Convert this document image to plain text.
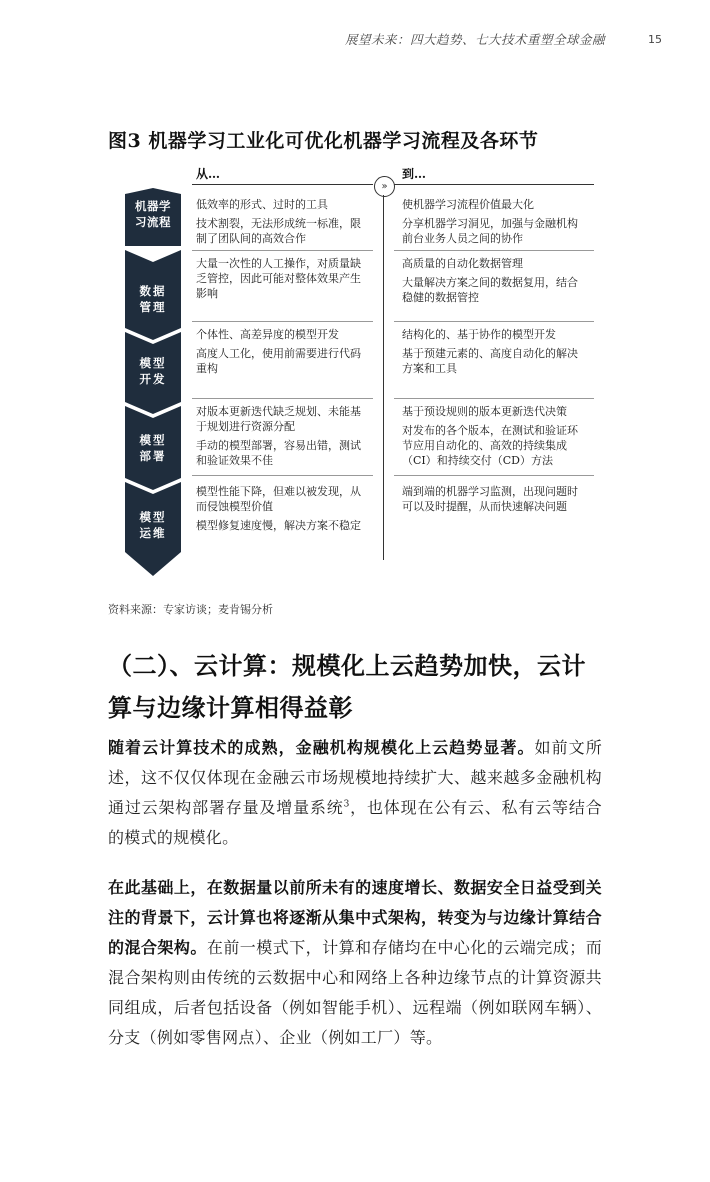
展望未来：四大趋势、七大技术重塑全球金融	15
图3 机器学习工业化可优化机器学习流程及各环节
从…	到…
»
机器学
习流程
数据
管理
模型
开发
模型
部署
模型
运维
低效率的形式、过时的工具
技术割裂，无法形成统一标准，限制了团队间的高效合作
使机器学习流程价值最大化
分享机器学习洞见，加强与金融机构前台业务人员之间的协作
大量一次性的人工操作，对质量缺乏管控，因此可能对整体效果产生影响
高质量的自动化数据管理
大量解决方案之间的数据复用，结合稳健的数据管控
个体性、高差异度的模型开发
高度人工化，使用前需要进行代码重构
结构化的、基于协作的模型开发
基于预建元素的、高度自动化的解决方案和工具
对版本更新迭代缺乏规划、未能基于规划进行资源分配
手动的模型部署，容易出错，测试和验证效果不佳
基于预设规则的版本更新迭代决策
对发布的各个版本，在测试和验证环节应用自动化的、高效的持续集成（CI）和持续交付（CD）方法
模型性能下降，但难以被发现，从而侵蚀模型价值
模型修复速度慢，解决方案不稳定
端到端的机器学习监测，出现问题时可以及时提醒，从而快速解决问题
资料来源：专家访谈；麦肯锡分析
（二）、云计算：规模化上云趋势加快，云计算与边缘计算相得益彰
随着云计算技术的成熟，金融机构规模化上云趋势显著。如前文所述，这不仅仅体现在金融云市场规模地持续扩大、越来越多金融机构通过云架构部署存量及增量系统$^3$，也体现在公有云、私有云等结合的模式的规模化。
在此基础上，在数据量以前所未有的速度增长、数据安全日益受到关注的背景下，云计算也将逐渐从集中式架构，转变为与边缘计算结合的混合架构。在前一模式下，计算和存储均在中心化的云端完成；而混合架构则由传统的云数据中心和网络上各种边缘节点的计算资源共同组成，后者包括设备（例如智能手机）、远程端（例如联网车辆）、分支（例如零售网点）、企业（例如工厂）等。
